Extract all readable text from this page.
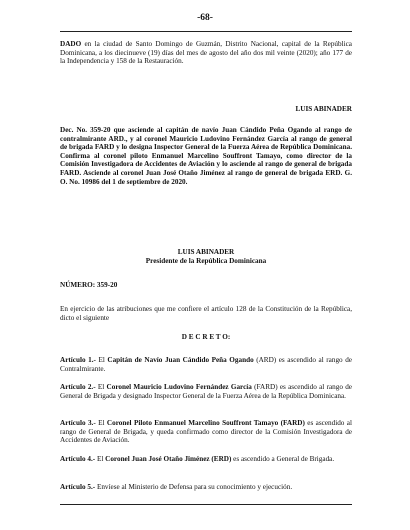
-68-

DADO en la ciudad de Santo Domingo de Guzmán, Distrito Nacional, capital de la República Dominicana, a los diecinueve (19) días del mes de agosto del año dos mil veinte (2020); año 177 de la Independencia y 158 de la Restauración.

LUIS ABINADER

Dec. No. 359-20 que asciende al capitán de navío Juan Cándido Peña Ogando al rango de contralmirante ARD., y al coronel Mauricio Ludovino Fernández García al rango de general de brigada FARD y lo designa Inspector General de la Fuerza Aérea de República Dominicana. Confirma al coronel piloto Enmanuel Marcelino Souffront Tamayo, como director de la Comisión Investigadora de Accidentes de Aviación y lo asciende al rango de general de brigada FARD. Asciende al coronel Juan José Otaño Jiménez al rango de general de brigada ERD. G. O. No. 10986 del 1 de septiembre de 2020.

LUIS ABINADER

Presidente de la República Dominicana

NÚMERO: 359-20

En ejercicio de las atribuciones que me confiere el artículo 128 de la Constitución de la República, dicto el siguiente

D E C R E T O:

Artículo 1.- El Capitán de Navío Juan Cándido Peña Ogando (ARD) es ascendido al rango de Contralmirante.

Artículo 2.- El Coronel Mauricio Ludovino Fernández García (FARD) es ascendido al rango de General de Brigada y designado Inspector General de la Fuerza Aérea de la República Dominicana.

Artículo 3.- El Coronel Piloto Enmanuel Marcelino Souffront Tamayo (FARD) es ascendido al rango de General de Brigada, y queda confirmado como director de la Comisión Investigadora de Accidentes de Aviación.

Artículo 4.- El Coronel Juan José Otaño Jiménez (ERD) es ascendido a General de Brigada.

Artículo 5.- Envíese al Ministerio de Defensa para su conocimiento y ejecución.
